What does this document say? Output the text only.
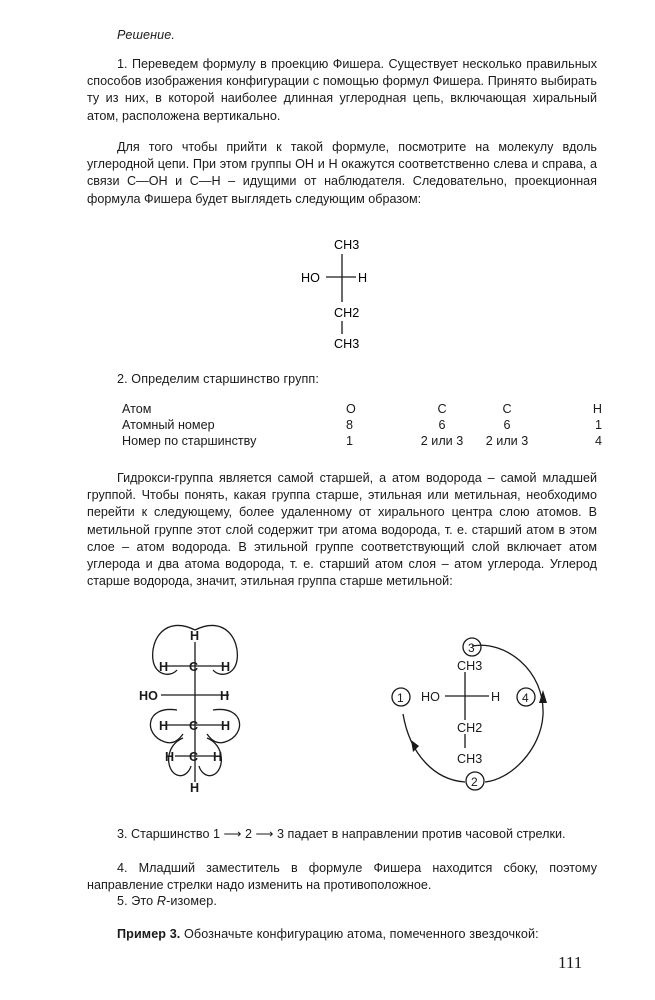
Решение.
1. Переведем формулу в проекцию Фишера. Существует несколько правильных способов изображения конфигурации с помощью формул Фишера. Принято выбирать ту из них, в которой наиболее длинная углеродная цепь, включающая хиральный атом, расположена вертикально.
Для того чтобы прийти к такой формуле, посмотрите на молекулу вдоль углеродной цепи. При этом группы ОН и Н окажутся соответственно слева и справа, а связи С—ОН и С—Н – идущими от наблюдателя. Следовательно, проекционная формула Фишера будет выглядеть следующим образом:
CH3
HO	H
CH2
CH3
2. Определим старшинство групп:
Атом	O	C	C	H
Атомный номер	8	6	6	1
Номер по старшинству	1	2 или 3	2 или 3	4
Гидрокси-группа является самой старшей, а атом водорода – самой младшей группой. Чтобы понять, какая группа старше, этильная или метильная, необходимо перейти к следующему, более удаленному от хирального центра слою атомов. В метильной группе этот слой содержит три атома водорода, т. е. старший атом в этом слое – атом водорода. В этильной группе соответствующий слой включает атом углерода и два атома водорода, т. е. старший атом слоя – атом углерода. Углерод старше водорода, значит, этильная группа старше метильной:
H
H C H
HO	H
H C H
H C H
H
CH3
HO	H
CH2
CH3
1
2
3
4
3. Старшинство 1 ⟶ 2 ⟶ 3 падает в направлении против часовой стрелки.
4. Младший заместитель в формуле Фишера находится сбоку, поэтому направление стрелки надо изменить на противоположное.
5. Это R-изомер.
Пример 3. Обозначьте конфигурацию атома, помеченного звездочкой:
111
